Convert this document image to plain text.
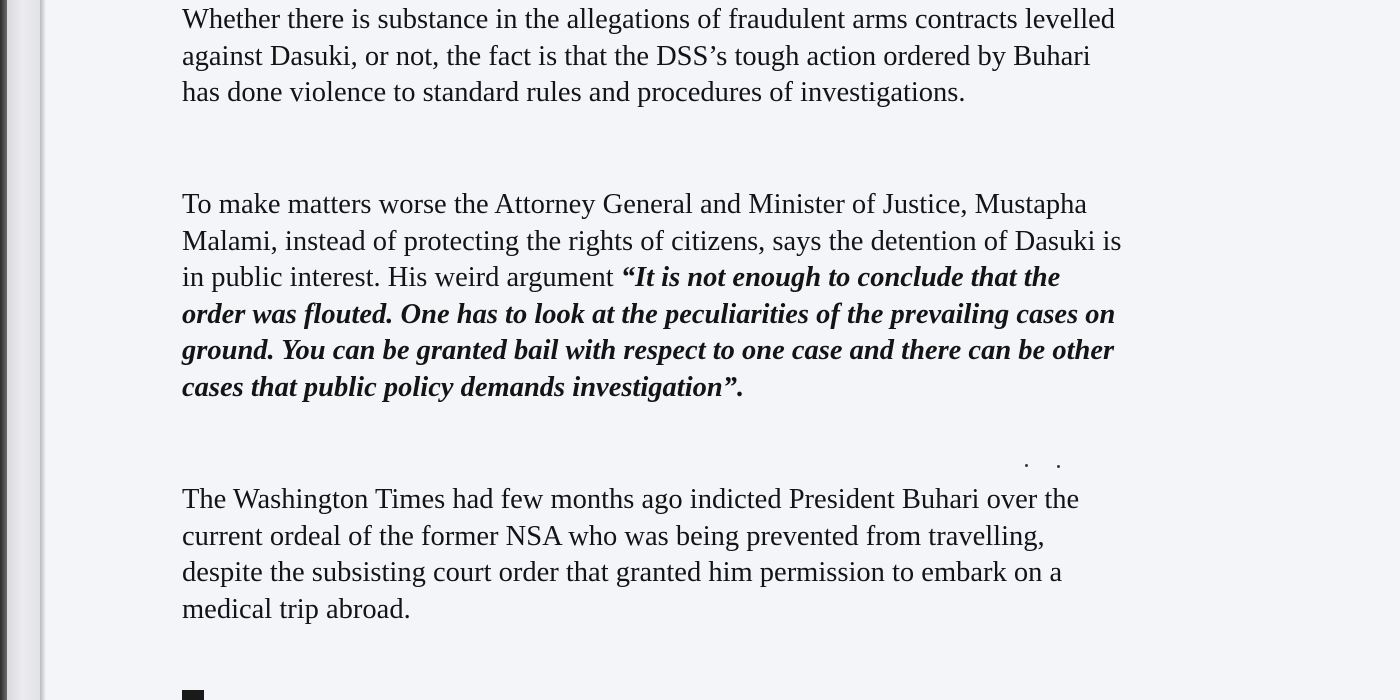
Whether there is substance in the allegations of fraudulent arms contracts levelled
against Dasuki, or not, the fact is that the DSS’s tough action ordered by Buhari
has done violence to standard rules and procedures of investigations.

To make matters worse the Attorney General and Minister of Justice, Mustapha
Malami, instead of protecting the rights of citizens, says the detention of Dasuki is
in public interest. His weird argument “It is not enough to conclude that the
order was flouted. One has to look at the peculiarities of the prevailing cases on
ground. You can be granted bail with respect to one case and there can be other
cases that public policy demands investigation”.

The Washington Times had few months ago indicted President Buhari over the
current ordeal of the former NSA who was being prevented from travelling,
despite the subsisting court order that granted him permission to embark on a
medical trip abroad.
